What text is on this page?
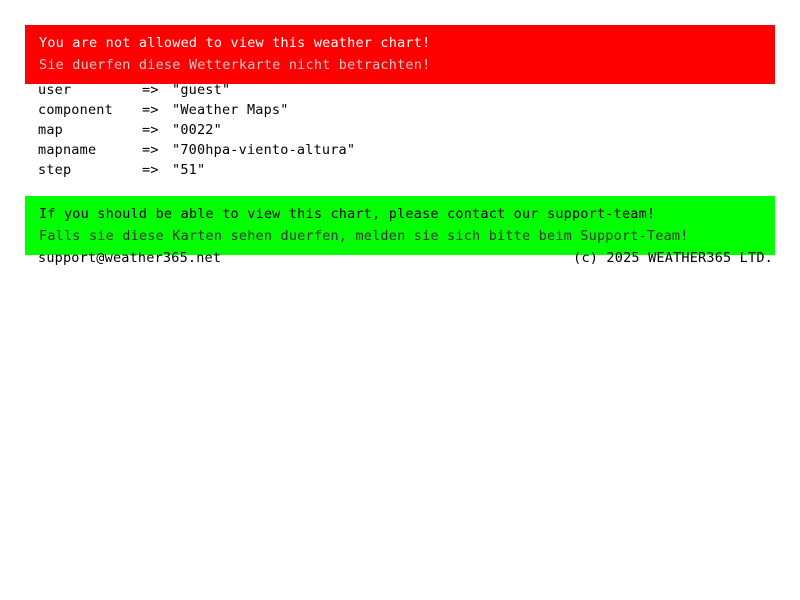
You are not allowed to view this weather chart!
Sie duerfen diese Wetterkarte nicht betrachten!
user	=> "guest"
component	=> "Weather Maps"
map	=> "0022"
mapname	=> "700hpa-viento-altura"
step	=> "51"
If you should be able to view this chart, please contact our support-team!
Falls sie diese Karten sehen duerfen, melden sie sich bitte beim Support-Team!
support@weather365.net	(c) 2025 WEATHER365 LTD.
